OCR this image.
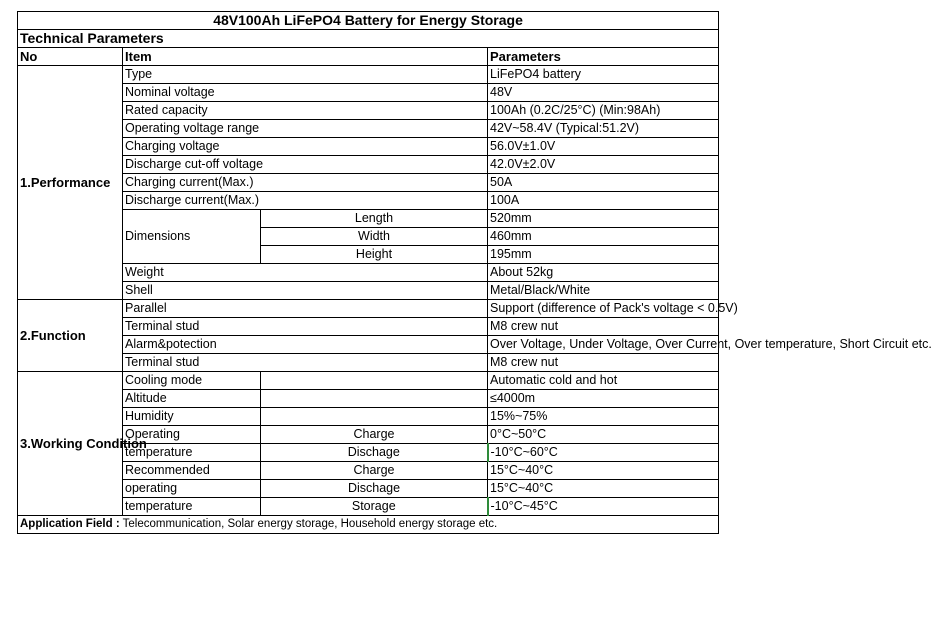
48V100Ah LiFePO4 Battery for Energy Storage			
Technical Parameters			
No	Item		Parameters
1.Performance	Type		LiFePO4 battery
	Nominal voltage		48V
	Rated capacity		100Ah (0.2C/25°C) (Min:98Ah)
	Operating voltage range		42V~58.4V (Typical:51.2V)
	Charging voltage		56.0V±1.0V
	Discharge cut-off voltage		42.0V±2.0V
	Charging current(Max.)		50A
	Discharge current(Max.)		100A
	Dimensions	Length	520mm
		Width	460mm
		Height	195mm
	Weight		About 52kg
	Shell		Metal/Black/White
2.Function	Parallel		Support (difference of Pack's voltage < 0.5V)
	Terminal stud		M8 crew nut
	Alarm&potection		Over Voltage, Under Voltage, Over Current, Over temperature, Short Circuit etc.
	Terminal stud		M8 crew nut
3.Working Condition	Cooling mode		Automatic cold and hot
	Altitude		≤4000m
	Humidity		15%~75%
	Operating	Charge	0°C~50°C
	temperature	Dischage	-10°C~60°C
	Recommended	Charge	15°C~40°C
	operating	Dischage	15°C~40°C
	temperature	Storage	-10°C~45°C
Application Field : Telecommunication, Solar energy storage, Household energy storage etc.			
